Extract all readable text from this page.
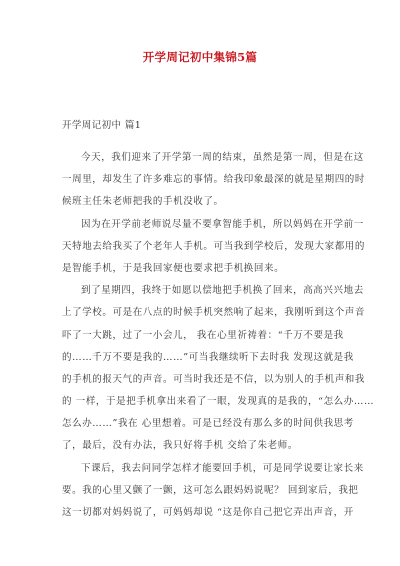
开学周记初中集锦5篇
开学周记初中 篇1
今天，我们迎来了开学第一周的结束，虽然是第一周，但是在这
一周里，却发生了许多难忘的事情。给我印象最深的就是星期四的时
候班主任朱老师把我的手机没收了。
因为在开学前老师说尽量不要拿智能手机，所以妈妈在开学前一
天特地去给我买了个老年人手机。可当我到学校后，发现大家都用的
是智能手机，于是我回家便也要求把手机换回来。
到了星期四，我终于如愿以偿地把手机换了回来，高高兴兴地去
上了学校。可是在八点的时候手机突然响了起来，我刚听到这个声音
吓了一大跳，过了一小会儿， 我在心里祈祷着：“千万不要是我
的……千万不要是我的……”可当我继续听下去时我 发现这就是我
的手机的报天气的声音。可当时我还是不信，以为别人的手机声和我
的 一样，于是把手机拿出来看了一眼，发现真的是我的，“怎么办……
怎么办……”我在 心里想着。可是已经没有那么多的时间供我思考
了，最后，没有办法，我只好将手机 交给了朱老师。
下课后，我去问同学怎样才能要回手机，可是同学说要让家长来
要。我的心里又颤了一颤，这可怎么跟妈妈说呢？ 回到家后，我把
这一切都对妈妈说了，可妈妈却说 “这是你自己把它弄出声音，开
